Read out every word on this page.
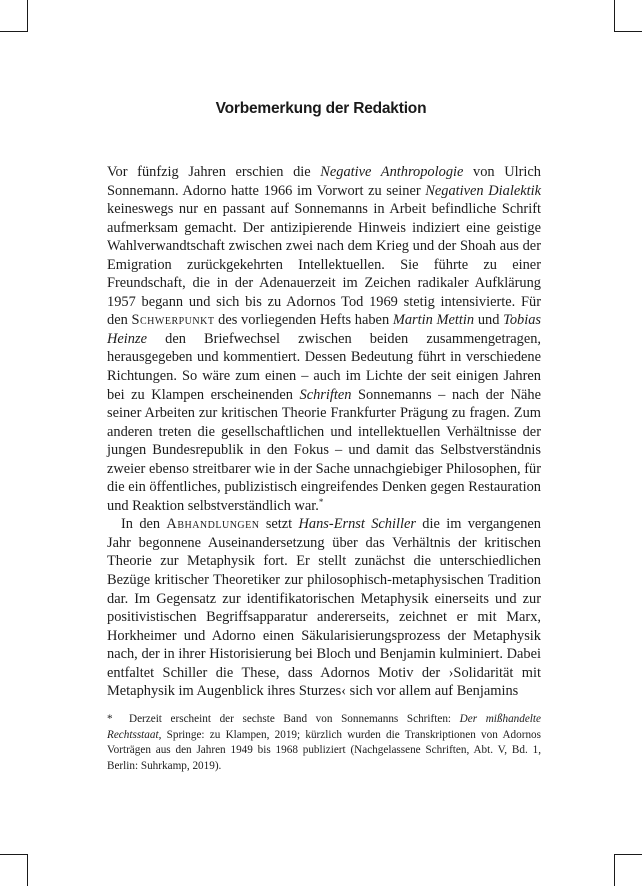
Vorbemerkung der Redaktion

Vor fünfzig Jahren erschien die Negative Anthropologie von Ulrich Sonnemann. Adorno hatte 1966 im Vorwort zu seiner Negativen Dialektik keineswegs nur en passant auf Sonnemanns in Arbeit befindliche Schrift aufmerksam gemacht. Der antizipierende Hinweis indiziert eine geistige Wahlverwandtschaft zwischen zwei nach dem Krieg und der Shoah aus der Emigration zurückgekehrten Intellektuellen. Sie führte zu einer Freundschaft, die in der Adenauerzeit im Zeichen radikaler Aufklärung 1957 begann und sich bis zu Adornos Tod 1969 stetig intensivierte. Für den Schwerpunkt des vorliegenden Hefts haben Martin Mettin und Tobias Heinze den Briefwechsel zwischen beiden zusammengetragen, herausgegeben und kommentiert. Dessen Bedeutung führt in verschiedene Richtungen. So wäre zum einen – auch im Lichte der seit einigen Jahren bei zu Klampen erscheinenden Schriften Sonnemanns – nach der Nähe seiner Arbeiten zur kritischen Theorie Frankfurter Prägung zu fragen. Zum anderen treten die gesellschaftlichen und intellektuellen Verhältnisse der jungen Bundesrepublik in den Fokus – und damit das Selbstverständnis zweier ebenso streitbarer wie in der Sache unnachgiebiger Philosophen, für die ein öffentliches, publizistisch eingreifendes Denken gegen Restauration und Reaktion selbstverständlich war.*

In den Abhandlungen setzt Hans-Ernst Schiller die im vergangenen Jahr begonnene Auseinandersetzung über das Verhältnis der kritischen Theorie zur Metaphysik fort. Er stellt zunächst die unterschiedlichen Bezüge kritischer Theoretiker zur philosophisch-metaphysischen Tradition dar. Im Gegensatz zur identifikatorischen Metaphysik einerseits und zur positivistischen Begriffsapparatur andererseits, zeichnet er mit Marx, Horkheimer und Adorno einen Säkularisierungsprozess der Metaphysik nach, der in ihrer Historisierung bei Bloch und Benjamin kulminiert. Dabei entfaltet Schiller die These, dass Adornos Motiv der ›Solidarität mit Metaphysik im Augenblick ihres Sturzes‹ sich vor allem auf Benjamins

* Derzeit erscheint der sechste Band von Sonnemanns Schriften: Der mißhandelte Rechtsstaat, Springe: zu Klampen, 2019; kürzlich wurden die Transkriptionen von Adornos Vorträgen aus den Jahren 1949 bis 1968 publiziert (Nachgelassene Schriften, Abt. V, Bd. 1, Berlin: Suhrkamp, 2019).
